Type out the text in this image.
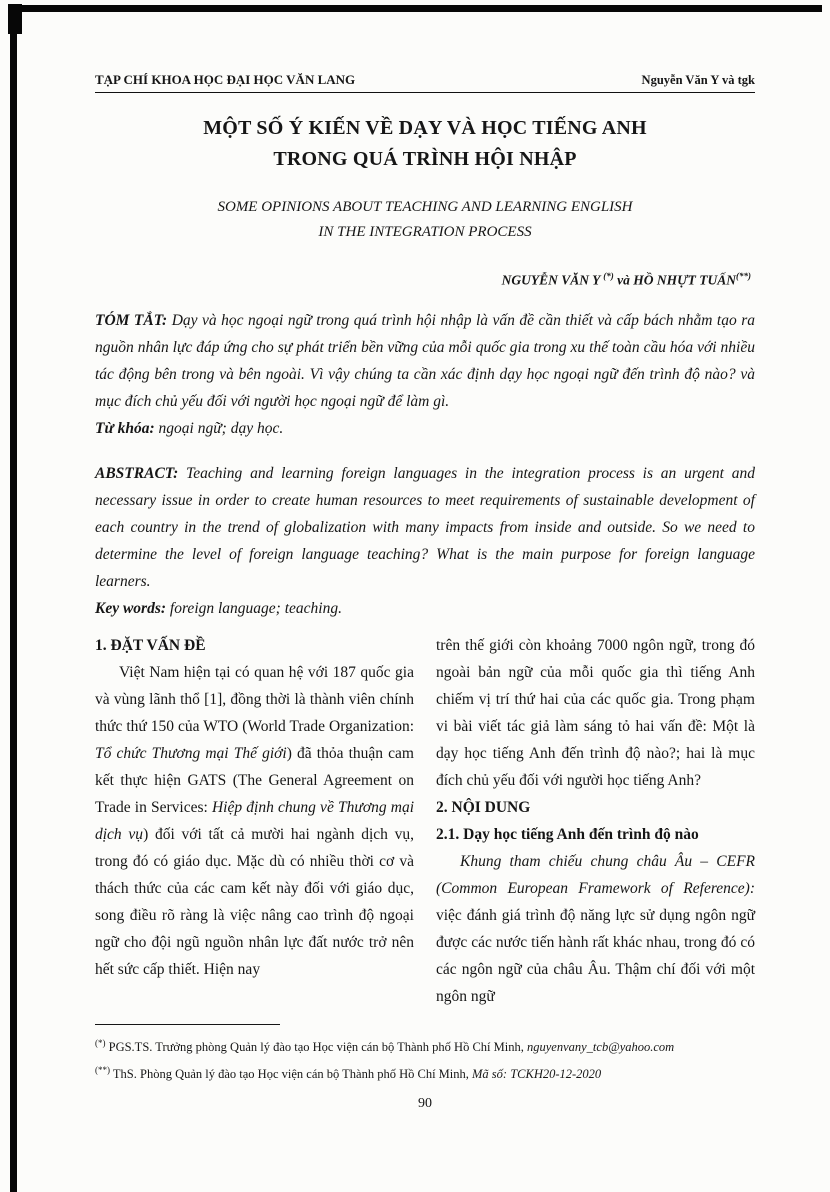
TẠP CHÍ KHOA HỌC ĐẠI HỌC VĂN LANG	Nguyễn Văn Y và tgk
MỘT SỐ Ý KIẾN VỀ DẠY VÀ HỌC TIẾNG ANH
TRONG QUÁ TRÌNH HỘI NHẬP
SOME OPINIONS ABOUT TEACHING AND LEARNING ENGLISH
IN THE INTEGRATION PROCESS
NGUYỄN VĂN Y (*) và HỒ NHỰT TUẤN(**)

TÓM TẮT: Dạy và học ngoại ngữ trong quá trình hội nhập là vấn đề cần thiết và cấp bách nhằm tạo ra nguồn nhân lực đáp ứng cho sự phát triển bền vững của mỗi quốc gia trong xu thế toàn cầu hóa với nhiều tác động bên trong và bên ngoài. Vì vậy chúng ta cần xác định dạy học ngoại ngữ đến trình độ nào? và mục đích chủ yếu đối với người học ngoại ngữ để làm gì.

Từ khóa: ngoại ngữ; dạy học.

ABSTRACT: Teaching and learning foreign languages in the integration process is an urgent and necessary issue in order to create human resources to meet requirements of sustainable development of each country in the trend of globalization with many impacts from inside and outside. So we need to determine the level of foreign language teaching? What is the main purpose for foreign language learners.

Key words: foreign language; teaching.

1. ĐẶT VẤN ĐỀ

Việt Nam hiện tại có quan hệ với 187 quốc gia và vùng lãnh thổ [1], đồng thời là thành viên chính thức thứ 150 của WTO (World Trade Organization: Tổ chức Thương mại Thế giới) đã thỏa thuận cam kết thực hiện GATS (The General Agreement on Trade in Services: Hiệp định chung về Thương mại dịch vụ) đối với tất cả mười hai ngành dịch vụ, trong đó có giáo dục. Mặc dù có nhiều thời cơ và thách thức của các cam kết này đối với giáo dục, song điều rõ ràng là việc nâng cao trình độ ngoại ngữ cho đội ngũ nguồn nhân lực đất nước trở nên hết sức cấp thiết. Hiện nay

trên thế giới còn khoảng 7000 ngôn ngữ, trong đó ngoài bản ngữ của mỗi quốc gia thì tiếng Anh chiếm vị trí thứ hai của các quốc gia. Trong phạm vi bài viết tác giả làm sáng tỏ hai vấn đề: Một là dạy học tiếng Anh đến trình độ nào?; hai là mục đích chủ yếu đối với người học tiếng Anh?

2. NỘI DUNG
2.1. Dạy học tiếng Anh đến trình độ nào

Khung tham chiếu chung châu Âu – CEFR (Common European Framework of Reference): việc đánh giá trình độ năng lực sử dụng ngôn ngữ được các nước tiến hành rất khác nhau, trong đó có các ngôn ngữ của châu Âu. Thậm chí đối với một ngôn ngữ

(*) PGS.TS. Trưởng phòng Quản lý đào tạo Học viện cán bộ Thành phố Hồ Chí Minh, nguyenvany_tcb@yahoo.com

(**) ThS. Phòng Quản lý đào tạo Học viện cán bộ Thành phố Hồ Chí Minh, Mã số: TCKH20-12-2020

90
